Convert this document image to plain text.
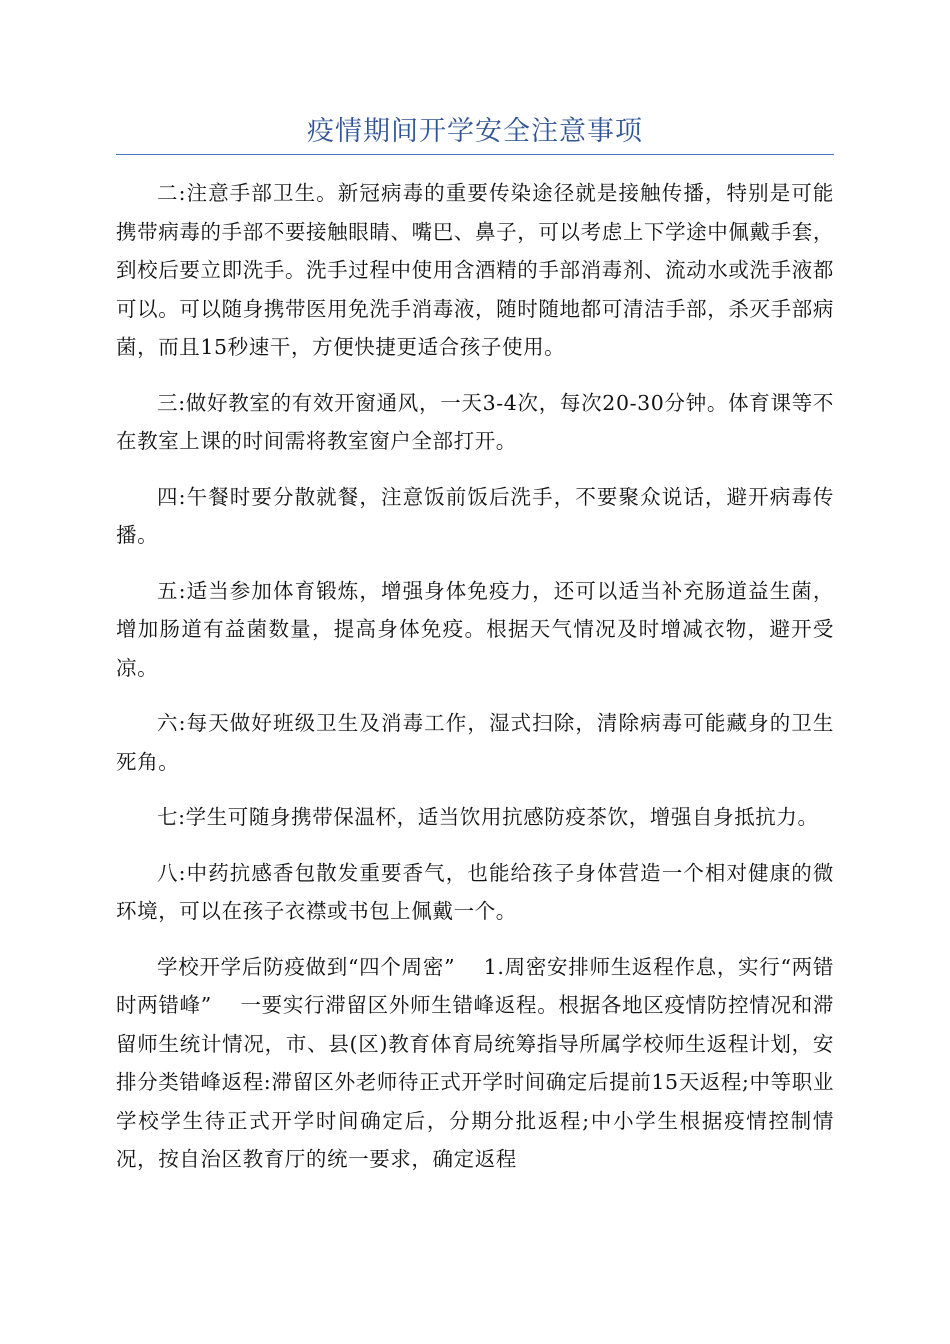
疫情期间开学安全注意事项

二:注意手部卫生。新冠病毒的重要传染途径就是接触传播，特别是可能携带病毒的手部不要接触眼睛、嘴巴、鼻子，可以考虑上下学途中佩戴手套，到校后要立即洗手。洗手过程中使用含酒精的手部消毒剂、流动水或洗手液都可以。可以随身携带医用免洗手消毒液，随时随地都可清洁手部，杀灭手部病菌，而且15秒速干，方便快捷更适合孩子使用。

三:做好教室的有效开窗通风，一天3-4次，每次20-30分钟。体育课等不在教室上课的时间需将教室窗户全部打开。

四:午餐时要分散就餐，注意饭前饭后洗手，不要聚众说话，避开病毒传播。

五:适当参加体育锻炼，增强身体免疫力，还可以适当补充肠道益生菌，增加肠道有益菌数量，提高身体免疫。根据天气情况及时增减衣物，避开受凉。

六:每天做好班级卫生及消毒工作，湿式扫除，清除病毒可能藏身的卫生死角。

七:学生可随身携带保温杯，适当饮用抗感防疫茶饮，增强自身抵抗力。

八:中药抗感香包散发重要香气，也能给孩子身体营造一个相对健康的微环境，可以在孩子衣襟或书包上佩戴一个。

学校开学后防疫做到“四个周密”　 1.周密安排师生返程作息，实行“两错时两错峰”　 一要实行滞留区外师生错峰返程。根据各地区疫情防控情况和滞留师生统计情况，市、县(区)教育体育局统筹指导所属学校师生返程计划，安排分类错峰返程:滞留区外老师待正式开学时间确定后提前15天返程;中等职业学校学生待正式开学时间确定后，分期分批返程;中小学生根据疫情控制情况，按自治区教育厅的统一要求，确定返程
